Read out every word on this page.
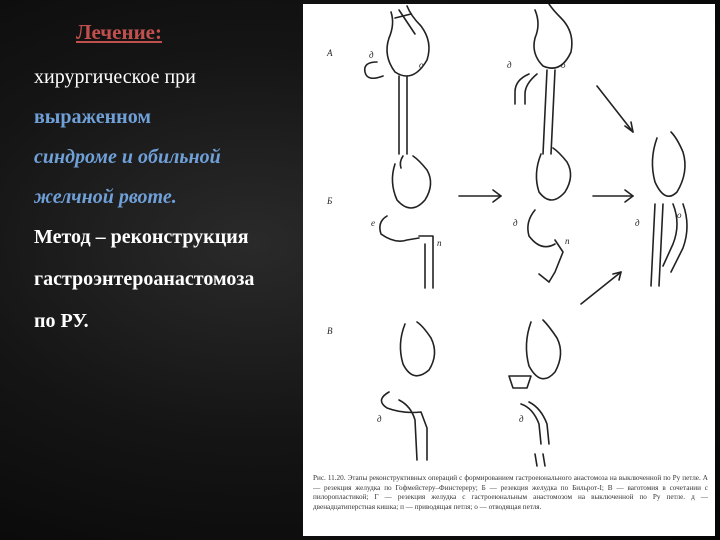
Лечение:
хирургическое при
выраженном
синдроме и обильной
желчной рвоте.
Метод – реконструкция
гастроэнтероанастомоза
по РУ.
А
Б
В
д
о	д	о
е
п
д
п
д
о
д	д
Рис. 11.20. Этапы реконструктивных операций с формированием гастроеюнального анастомоза на выключенной по Ру петле. А — резекция желудка по Гофмейстеру–Финстереру; Б — резекция желудка по Бильрот-I; В — ваготомия в сочетании с пилоропластикой; Г — резекция желудка с гастроеюнальным анастомозом на выключенной по Ру петле. д — двенадцатиперстная кишка; п — приводящая петля; о — отводящая петля.
